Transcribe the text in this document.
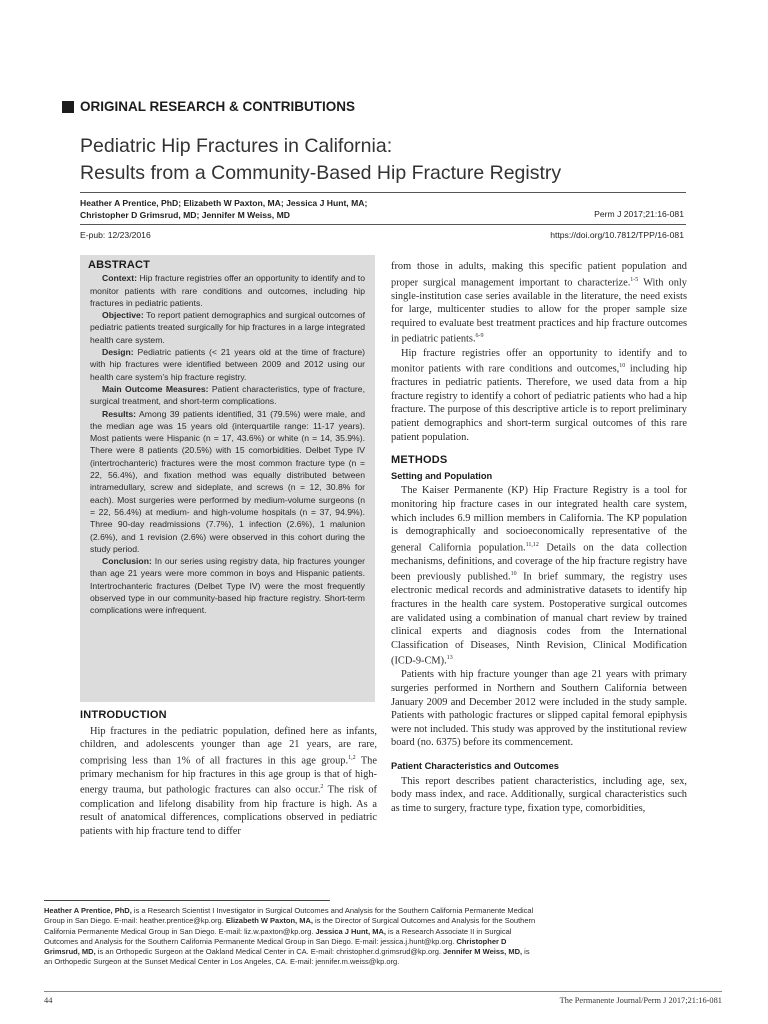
ORIGINAL RESEARCH & CONTRIBUTIONS
Pediatric Hip Fractures in California:
Results from a Community-Based Hip Fracture Registry
Heather A Prentice, PhD; Elizabeth W Paxton, MA; Jessica J Hunt, MA;
Christopher D Grimsrud, MD; Jennifer M Weiss, MD	Perm J 2017;21:16-081
E-pub: 12/23/2016	https://doi.org/10.7812/TPP/16-081
ABSTRACT

Context: Hip fracture registries offer an opportunity to identify and to monitor patients with rare conditions and outcomes, including hip fractures in pediatric patients.

Objective: To report patient demographics and surgical outcomes of pediatric patients treated surgically for hip fractures in a large integrated health care system.

Design: Pediatric patients (< 21 years old at the time of fracture) with hip fractures were identified between 2009 and 2012 using our health care system’s hip fracture registry.

Main Outcome Measures: Patient characteristics, type of fracture, surgical treatment, and short-term complications.

Results: Among 39 patients identified, 31 (79.5%) were male, and the median age was 15 years old (interquartile range: 11-17 years). Most patients were Hispanic (n = 17, 43.6%) or white (n = 14, 35.9%). There were 8 patients (20.5%) with 15 comorbidities. Delbet Type IV (intertrochanteric) fractures were the most common fracture type (n = 22, 56.4%), and fixation method was equally distributed between intramedullary, screw and sideplate, and screws (n = 12, 30.8% for each). Most surgeries were performed by medium-volume surgeons (n = 22, 56.4%) at medium- and high-volume hospitals (n = 37, 94.9%). Three 90-day readmissions (7.7%), 1 infection (2.6%), 1 malunion (2.6%), and 1 revision (2.6%) were observed in this cohort during the study period.

Conclusion: In our series using registry data, hip fractures younger than age 21 years were more common in boys and Hispanic patients. Intertrochanteric fractures (Delbet Type IV) were the most frequently observed type in our community-based hip fracture registry. Short-term complications were infrequent.

INTRODUCTION

Hip fractures in the pediatric population, defined here as infants, children, and adolescents younger than age 21 years, are rare, comprising less than 1% of all fractures in this age group.$^{1,2}$ The primary mechanism for hip fractures in this age group is that of high-energy trauma, but pathologic fractures can also occur.$^2$ The risk of complication and lifelong disability from hip fracture is high. As a result of anatomical differences, complications observed in pediatric patients with hip fracture tend to differ

from those in adults, making this specific patient population and proper surgical management important to characterize.$^{1-5}$ With only single-institution case series available in the literature, the need exists for large, multicenter studies to allow for the proper sample size required to evaluate best treatment practices and hip fracture outcomes in pediatric patients.$^{6-9}$

Hip fracture registries offer an opportunity to identify and to monitor patients with rare conditions and outcomes,$^{10}$ including hip fractures in pediatric patients. Therefore, we used data from a hip fracture registry to identify a cohort of pediatric patients who had a hip fracture. The purpose of this descriptive article is to report preliminary patient demographics and short-term surgical outcomes of this rare patient population.

METHODS
Setting and Population

The Kaiser Permanente (KP) Hip Fracture Registry is a tool for monitoring hip fracture cases in our integrated health care system, which includes 6.9 million members in California. The KP population is demographically and socioeconomically representative of the general California population.$^{11,12}$ Details on the data collection mechanisms, definitions, and coverage of the hip fracture registry have been previously published.$^{10}$ In brief summary, the registry uses electronic medical records and administrative datasets to identify hip fractures in the health care system. Postoperative surgical outcomes are validated using a combination of manual chart review by trained clinical experts and diagnosis codes from the International Classification of Diseases, Ninth Revision, Clinical Modification (ICD-9-CM).$^{13}$

Patients with hip fracture younger than age 21 years with primary surgeries performed in Northern and Southern California between January 2009 and December 2012 were included in the study sample. Patients with pathologic fractures or slipped capital femoral epiphysis were not included. This study was approved by the institutional review board (no. 6375) before its commencement.

Patient Characteristics and Outcomes

This report describes patient characteristics, including age, sex, body mass index, and race. Additionally, surgical characteristics such as time to surgery, fracture type, fixation type, comorbidities,

Heather A Prentice, PhD, is a Research Scientist I Investigator in Surgical Outcomes and Analysis for the Southern California Permanente Medical Group in San Diego. E-mail: heather.prentice@kp.org. Elizabeth W Paxton, MA, is the Director of Surgical Outcomes and Analysis for the Southern California Permanente Medical Group in San Diego. E-mail: liz.w.paxton@kp.org. Jessica J Hunt, MA, is a Research Associate II in Surgical Outcomes and Analysis for the Southern California Permanente Medical Group in San Diego. E-mail: jessica.j.hunt@kp.org. Christopher D Grimsrud, MD, is an Orthopedic Surgeon at the Oakland Medical Center in CA. E-mail: christopher.d.grimsrud@kp.org. Jennifer M Weiss, MD, is an Orthopedic Surgeon at the Sunset Medical Center in Los Angeles, CA. E-mail: jennifer.m.weiss@kp.org.
44	The Permanente Journal/Perm J 2017;21:16-081
